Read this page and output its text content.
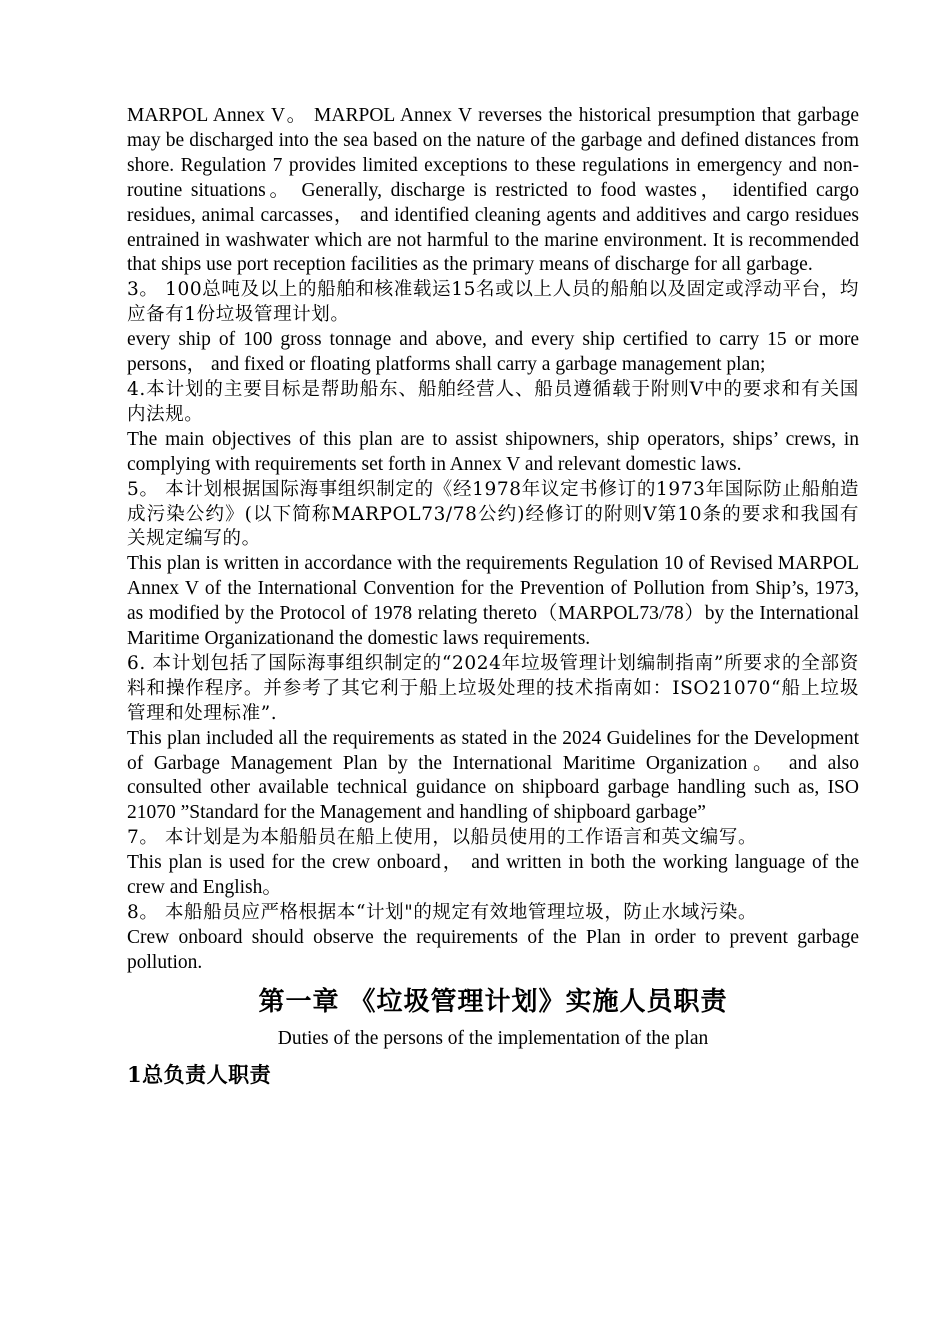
MARPOL Annex V。 MARPOL Annex V reverses the historical presumption that garbage may be discharged into the sea based on the nature of the garbage and defined distances from shore. Regulation 7 provides limited exceptions to these regulations in emergency and non-routine situations。 Generally, discharge is restricted to food wastes， identified cargo residues, animal carcasses， and identified cleaning agents and additives and cargo residues entrained in washwater which are not harmful to the marine environment. It is recommended that ships use port reception facilities as the primary means of discharge for all garbage.

3。 100总吨及以上的船舶和核准载运15名或以上人员的船舶以及固定或浮动平台，均应备有1份垃圾管理计划。

every ship of 100 gross tonnage and above, and every ship certified to carry 15 or more persons， and fixed or floating platforms shall carry a garbage management plan;

4.本计划的主要目标是帮助船东、船舶经营人、船员遵循载于附则V中的要求和有关国内法规。

The main objectives of this plan are to assist shipowners, ship operators, ships’ crews, in complying with requirements set forth in Annex V and relevant domestic laws.

5。 本计划根据国际海事组织制定的《经1978年议定书修订的1973年国际防止船舶造成污染公约》(以下简称MARPOL73/78公约)经修订的附则Ⅴ第10条的要求和我国有关规定编写的。

This plan is written in accordance with the requirements Regulation 10 of Revised MARPOL Annex V of the International Convention for the Prevention of Pollution from Ship’s, 1973, as modified by the Protocol of 1978 relating thereto（MARPOL73/78）by the International Maritime Organizationand the domestic laws requirements.

6. 本计划包括了国际海事组织制定的“2024年垃圾管理计划编制指南”所要求的全部资料和操作程序。并参考了其它利于船上垃圾处理的技术指南如：ISO21070“船上垃圾管理和处理标准”.

This plan included all the requirements as stated in the 2024 Guidelines for the Development of Garbage Management Plan by the International Maritime Organization。 and also consulted other available technical guidance on shipboard garbage handling such as, ISO 21070 ”Standard for the Management and handling of shipboard garbage”

7。 本计划是为本船船员在船上使用，以船员使用的工作语言和英文编写。

This plan is used for the crew onboard， and written in both the working language of the crew and English。

8。 本船船员应严格根据本“计划"的规定有效地管理垃圾，防止水域污染。

Crew onboard should observe the requirements of the Plan in order to prevent garbage pollution.

第一章 《垃圾管理计划》实施人员职责

Duties of the persons of the implementation of the plan

1总负责人职责
